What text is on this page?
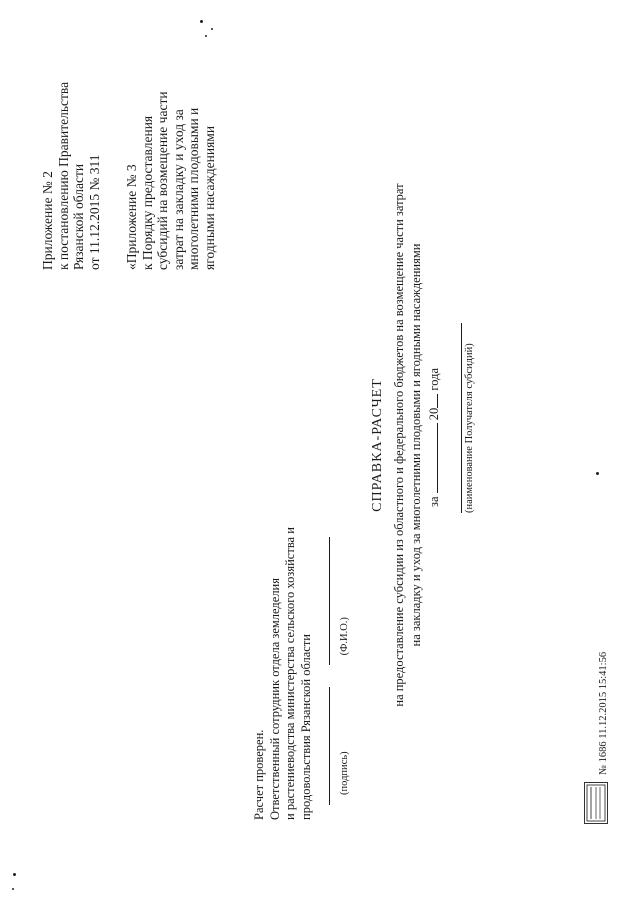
Приложение № 2 к постановлению Правительства Рязанской области от 11.12.2015 № 311 «Приложение № 3 к Порядку предоставления субсидий на возмещение части затрат на закладку и уход за многолетними плодовыми и ягодными насаждениями
Расчет проверен. Ответственный сотрудник отдела земледелия и растениеводства министерства сельского хозяйства и продовольствия Рязанской области	(подпись)(Ф.И.О.)
СПРАВКА-РАСЧЕТ на предоставление субсидии из областного и федерального бюджетов на возмещение части затрат на закладку и уход за многолетними плодовыми и ягодными насаждениями за  20 года (наименование Получателя субсидий)
№ 1686 11.12.2015 15:41:56
